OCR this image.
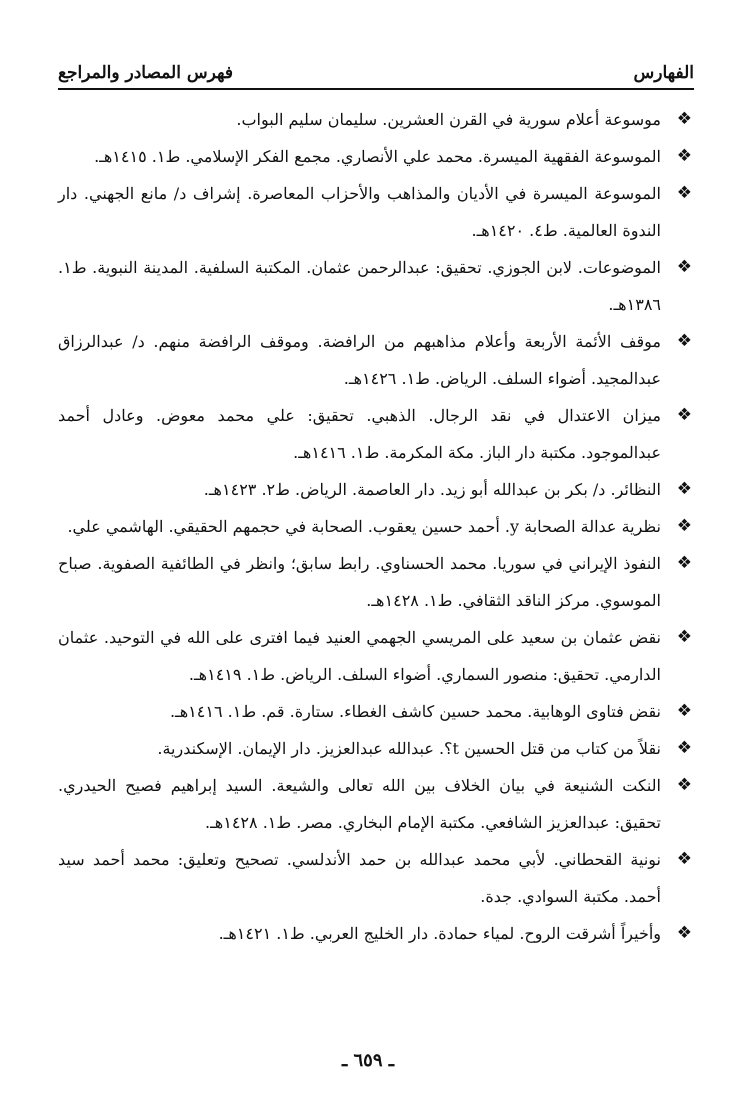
الفهارس
فهرس المصادر والمراجع
❖
موسوعة أعلام سورية في القرن العشرين. سليمان سليم البواب.
❖
الموسوعة الفقهية الميسرة. محمد علي الأنصاري. مجمع الفكر الإسلامي. ط١. ١٤١٥هـ.
❖
الموسوعة الميسرة في الأديان والمذاهب والأحزاب المعاصرة. إشراف د/ مانع الجهني. دار الندوة العالمية. ط٤. ١٤٢٠هـ.
❖
الموضوعات. لابن الجوزي. تحقيق: عبدالرحمن عثمان. المكتبة السلفية. المدينة النبوية. ط١. ١٣٨٦هـ.
❖
موقف الأئمة الأربعة وأعلام مذاهبهم من الرافضة. وموقف الرافضة منهم. د/ عبدالرزاق عبدالمجيد. أضواء السلف. الرياض. ط١. ١٤٢٦هـ.
❖
ميزان الاعتدال في نقد الرجال. الذهبي. تحقيق: علي محمد معوض. وعادل أحمد عبدالموجود. مكتبة دار الباز. مكة المكرمة. ط١. ١٤١٦هـ.
❖
النظائر. د/ بكر بن عبدالله أبو زيد. دار العاصمة. الرياض. ط٢. ١٤٢٣هـ.
❖
نظرية عدالة الصحابة y. أحمد حسين يعقوب. الصحابة في حجمهم الحقيقي. الهاشمي علي.
❖
النفوذ الإيراني في سوريا. محمد الحسناوي. رابط سابق؛ وانظر في الطائفية الصفوية. صباح الموسوي. مركز الناقد الثقافي. ط١. ١٤٢٨هـ.
❖
نقض عثمان بن سعيد على المريسي الجهمي العنيد فيما افترى على الله في التوحيد. عثمان الدارمي. تحقيق: منصور السماري. أضواء السلف. الرياض. ط١. ١٤١٩هـ.
❖
نقض فتاوى الوهابية. محمد حسين كاشف الغطاء. ستارة. قم. ط١. ١٤١٦هـ.
❖
نقلاً من كتاب من قتل الحسين t؟. عبدالله عبدالعزيز. دار الإيمان. الإسكندرية.
❖
النكت الشنيعة في بيان الخلاف بين الله تعالى والشيعة. السيد إبراهيم فصيح الحيدري. تحقيق: عبدالعزيز الشافعي. مكتبة الإمام البخاري. مصر. ط١. ١٤٢٨هـ.
❖
نونية القحطاني. لأبي محمد عبدالله بن حمد الأندلسي. تصحيح وتعليق: محمد أحمد سيد أحمد. مكتبة السوادي. جدة.
❖
وأخيراً أشرقت الروح. لمياء حمادة. دار الخليج العربي. ط١. ١٤٢١هـ.
ـ ٦٥٩ ـ
